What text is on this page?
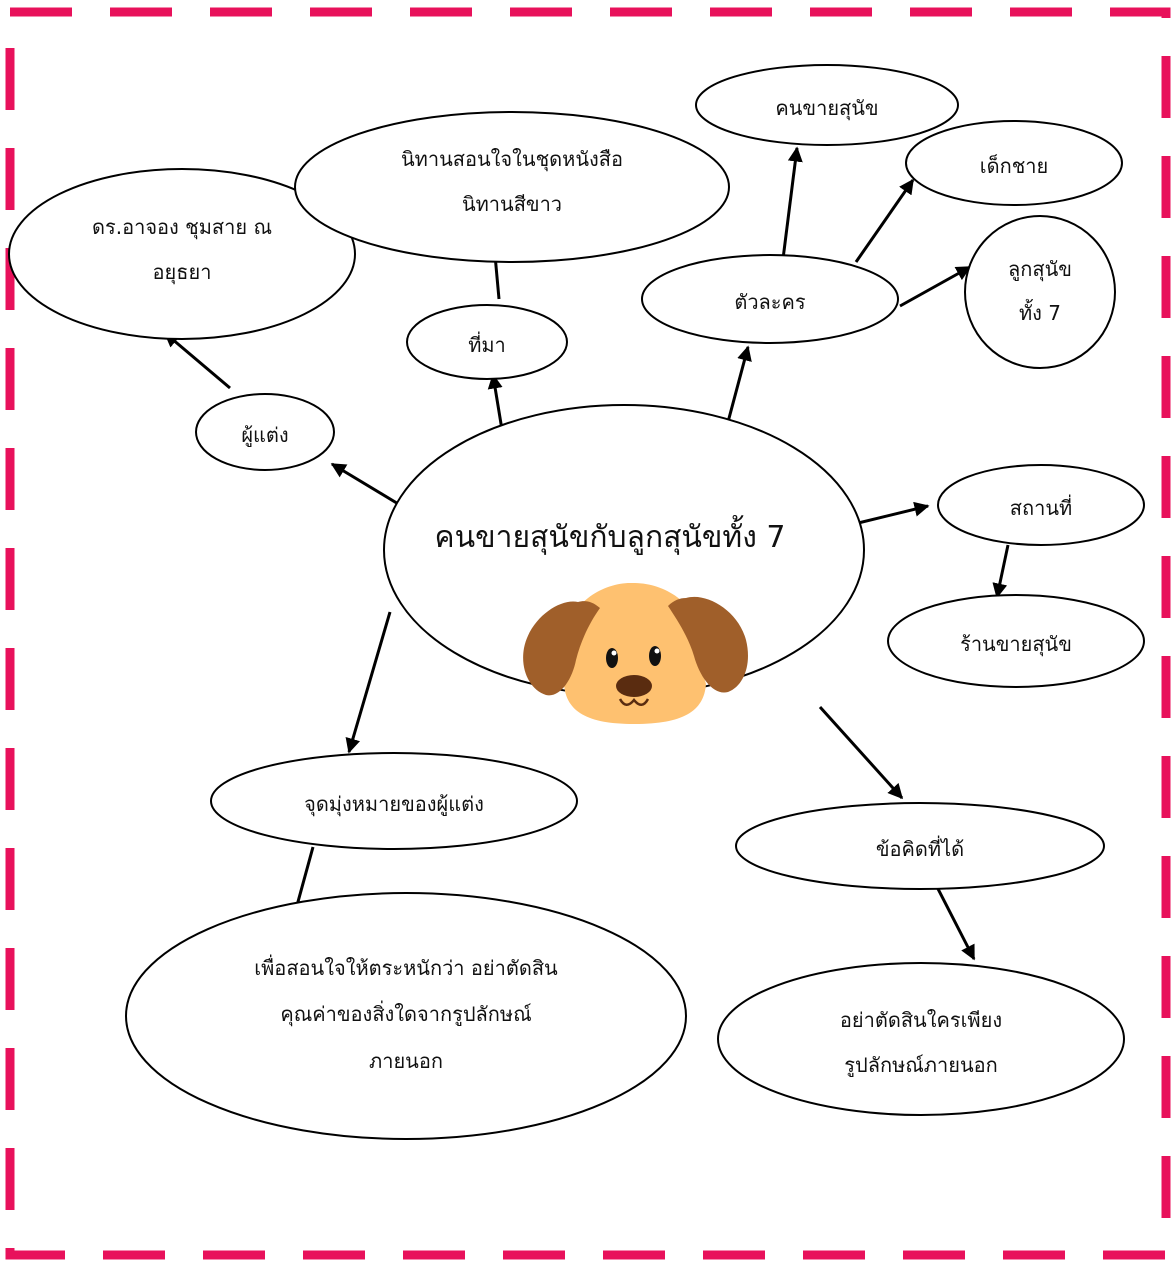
ดร.อาจอง ชุมสาย ณ
อยุธยา
นิทานสอนใจในชุดหนังสือ
นิทานสีขาว
ที่มา
ผู้แต่ง
ตัวละคร
คนขายสุนัข
เด็กชาย
ลูกสุนัข
ทั้ง 7
คนขายสุนัขกับลูกสุนัขทั้ง 7
สถานที่
ร้านขายสุนัข
จุดมุ่งหมายของผู้แต่ง
เพื่อสอนใจให้ตระหนักว่า อย่าตัดสิน
คุณค่าของสิ่งใดจากรูปลักษณ์
ภายนอก
ข้อคิดที่ได้
อย่าตัดสินใครเพียง
รูปลักษณ์ภายนอก
